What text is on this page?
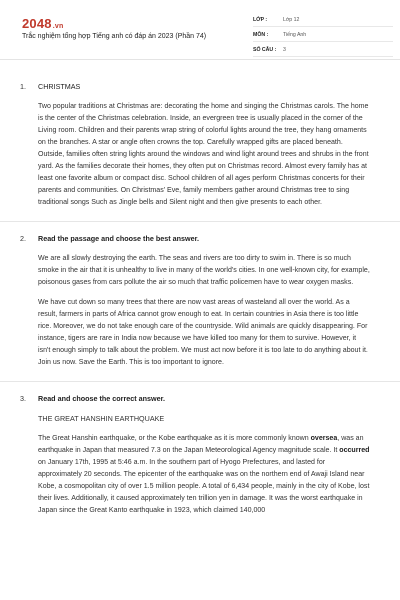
2048.vn
Trắc nghiệm tổng hợp Tiếng anh có đáp án 2023 (Phần 74)
LỚP :	Lớp 12
MÔN :	Tiếng Anh
SỐ CÂU :	3
1. CHRISTMAS

Two popular traditions at Christmas are: decorating the home and singing the Christmas carols. The home is the center of the Christmas celebration. Inside, an evergreen tree is usually placed in the corner of the Living room. Children and their parents wrap string of colorful lights around the tree, they hang ornaments on the branches. A star or angle often crowns the top. Carefully wrapped gifts are placed beneath. Outside, families often string lights around the windows and wind light around trees and shrubs in the front yard. As the families decorate their homes, they often put on Christmas record. Almost every family has at least one favorite album or compact disc. School children of all ages perform Christmas concerts for their parents and communities. On Christmas' Eve, family members gather around Christmas tree to sing traditional songs Such as Jingle bells and Silent night and then give presents to each other.

2. Read the passage and choose the best answer.

We are all slowly destroying the earth. The seas and rivers are too dirty to swim in. There is so much smoke in the air that it is unhealthy to live in many of the world's cities. In one well-known city, for example, poisonous gases from cars pollute the air so much that traffic policemen have to wear oxygen masks.

We have cut down so many trees that there are now vast areas of wasteland all over the world. As a result, farmers in parts of Africa cannot grow enough to eat. In certain countries in Asia there is too little rice. Moreover, we do not take enough care of the countryside. Wild animals are quickly disappearing. For instance, tigers are rare in India now because we have killed too many for them to survive. However, it isn't enough simply to talk about the problem. We must act now before it is too late to do anything about it. Join us now. Save the Earth. This is too important to ignore.

3. Read and choose the correct answer.
THE GREAT HANSHIN EARTHQUAKE

The Great Hanshin earthquake, or the Kobe earthquake as it is more commonly known oversea, was an earthquake in Japan that measured 7.3 on the Japan Meteorological Agency magnitude scale. It occurred on January 17th, 1995 at 5:46 a.m. In the southern part of Hyogo Prefectures, and lasted for approximately 20 seconds. The epicenter of the earthquake was on the northern end of Awaji Island near Kobe, a cosmopolitan city of over 1.5 million people. A total of 6,434 people, mainly in the city of Kobe, lost their lives. Additionally, it caused approximately ten trillion yen in damage. It was the worst earthquake in Japan since the Great Kanto earthquake in 1923, which claimed 140,000
